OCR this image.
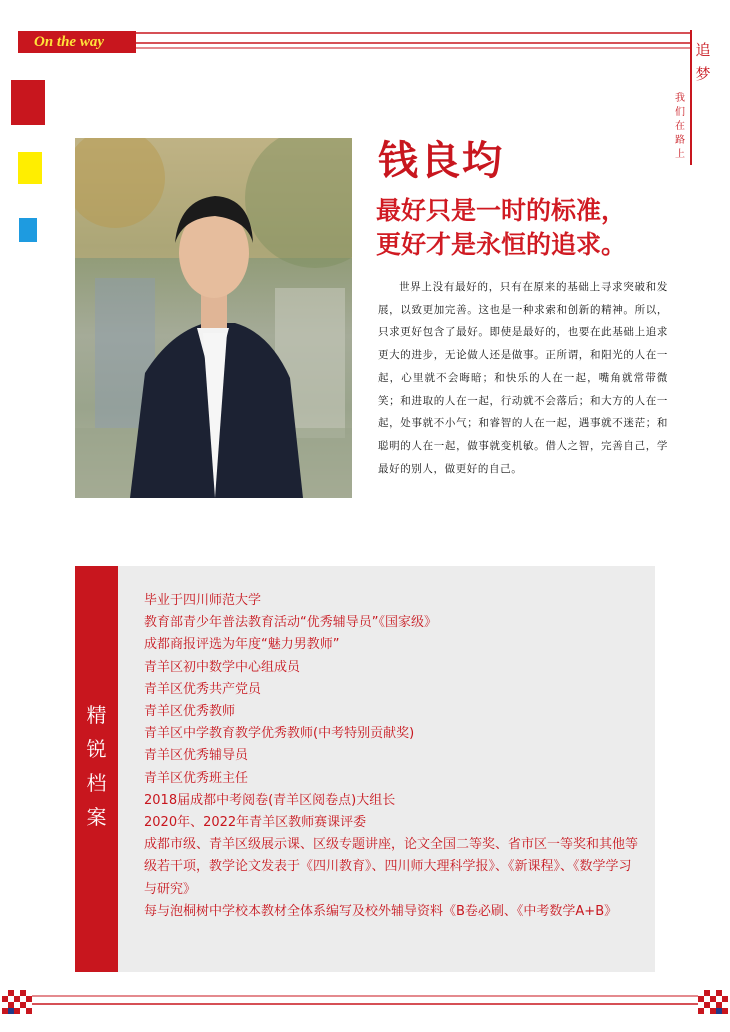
On the way	追
梦
我
们
在
路
上
钱良均
最好只是一时的标准，
更好才是永恒的追求。
世界上没有最好的，只有在原来的基础上寻求突破和发展，以致更加完善。这也是一种求索和创新的精神。所以，只求更好包含了最好。即使是最好的，也要在此基础上追求更大的进步，无论做人还是做事。正所谓，和阳光的人在一起，心里就不会晦暗；和快乐的人在一起，嘴角就常带微笑；和进取的人在一起，行动就不会落后；和大方的人在一起，处事就不小气；和睿智的人在一起，遇事就不迷茫；和聪明的人在一起，做事就变机敏。借人之智，完善自己，学最好的别人，做更好的自己。
精
锐
档
案
毕业于四川师范大学
教育部青少年普法教育活动“优秀辅导员”《国家级》
成都商报评选为年度“魅力男教师”
青羊区初中数学中心组成员
青羊区优秀共产党员
青羊区优秀教师
青羊区中学教育教学优秀教师(中考特别贡献奖)
青羊区优秀辅导员
青羊区优秀班主任
2018届成都中考阅卷(青羊区阅卷点)大组长
2020年、2022年青羊区教师赛课评委
成都市级、青羊区级展示课、区级专题讲座，论文全国二等奖、省市区一等奖和其他等级若干项，教学论文发表于《四川教育》、四川师大理科学报》、《新课程》、《数学学习与研究》
每与泡桐树中学校本教材全体系编写及校外辅导资料《B卷必刷、《中考数学A+B》
